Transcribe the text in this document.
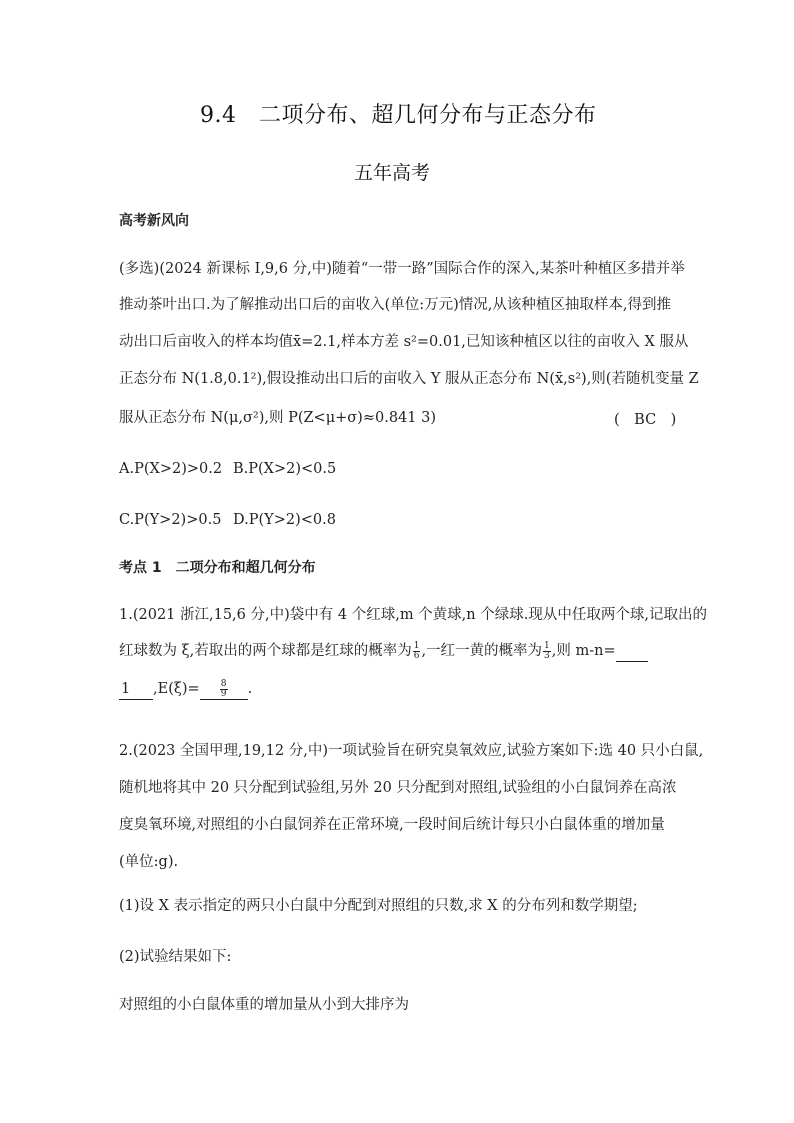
9.4　二项分布、超几何分布与正态分布
五年高考
高考新风向
(多选)(2024 新课标 Ⅰ,9,6 分,中)随着“一带一路”国际合作的深入,某茶叶种植区多措并举
推动茶叶出口.为了解推动出口后的亩收入(单位:万元)情况,从该种植区抽取样本,得到推
动出口后亩收入的样本均值x̄=2.1,样本方差 s²=0.01,已知该种植区以往的亩收入 X 服从
正态分布 N(1.8,0.1²),假设推动出口后的亩收入 Y 服从正态分布 N(x̄,s²),则(若随机变量 Z
服从正态分布 N(μ,σ²),则 P(Z<μ+σ)≈0.841 3)	(　BC　)
A.P(X>2)>0.2 B.P(X>2)<0.5
C.P(Y>2)>0.5 D.P(Y>2)<0.8
考点 1　二项分布和超几何分布
1.(2021 浙江,15,6 分,中)袋中有 4 个红球,m 个黄球,n 个绿球.现从中任取两个球,记取出的
红球数为 ξ,若取出的两个球都是红球的概率为 $\frac{1}{6}$ ,一红一黄的概率为 $\frac{1}{3}$ ,则 m-n=
1 $,E(\xi)= \frac{8}{9}$ .
2.(2023 全国甲理,19,12 分,中)一项试验旨在研究臭氧效应,试验方案如下:选 40 只小白鼠,
随机地将其中 20 只分配到试验组,另外 20 只分配到对照组,试验组的小白鼠饲养在高浓
度臭氧环境,对照组的小白鼠饲养在正常环境,一段时间后统计每只小白鼠体重的增加量
(单位:g).
(1)设 X 表示指定的两只小白鼠中分配到对照组的只数,求 X 的分布列和数学期望;
(2)试验结果如下:
对照组的小白鼠体重的增加量从小到大排序为
